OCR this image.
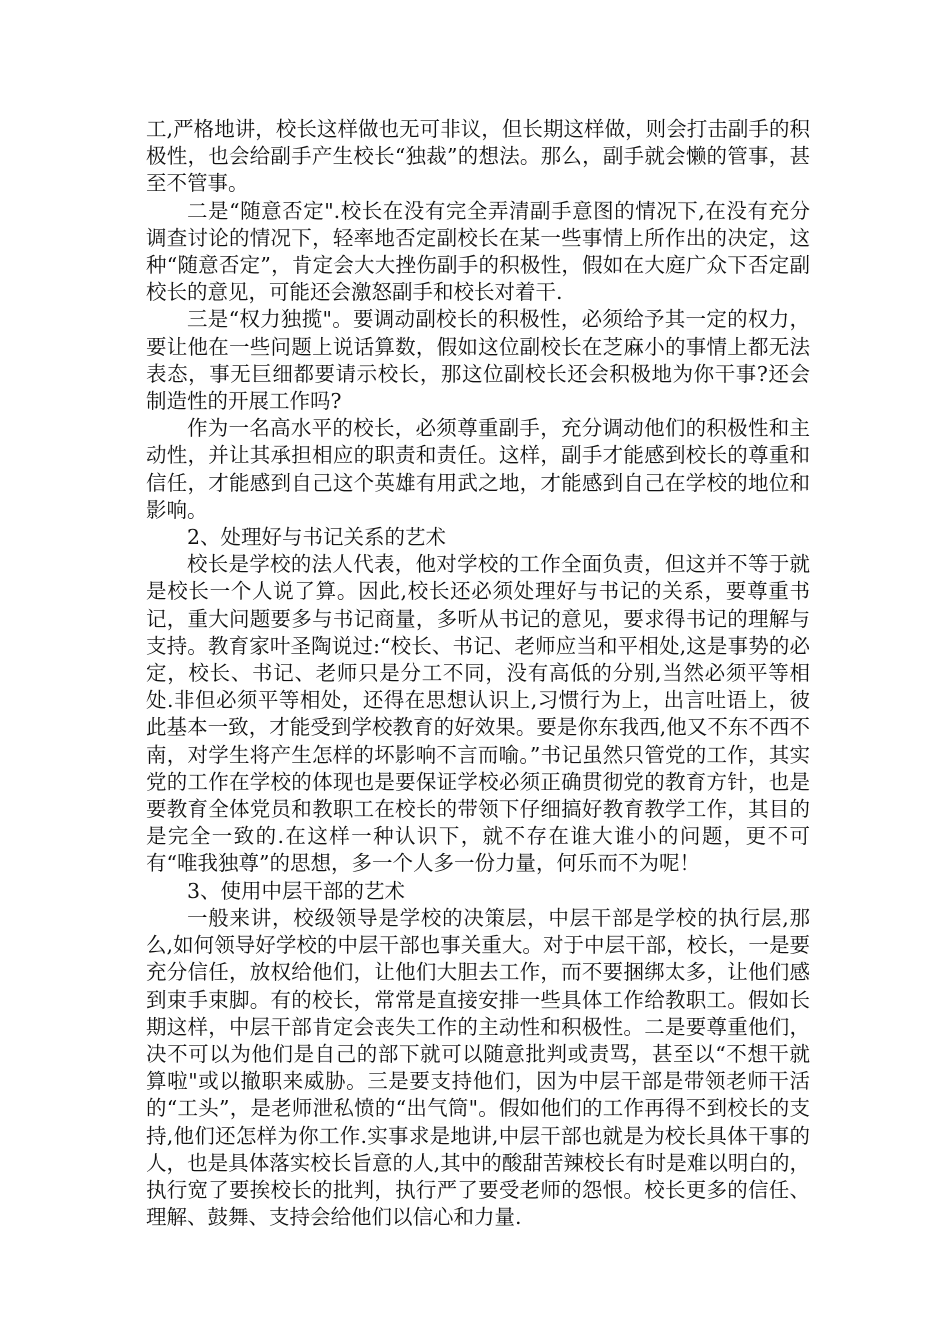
工,严格地讲，校长这样做也无可非议，但长期这样做，则会打击副手的积极性，也会给副手产生校长“独裁”的想法。那么，副手就会懒的管事，甚至不管事。

二是“随意否定".校长在没有完全弄清副手意图的情况下,在没有充分调查讨论的情况下，轻率地否定副校长在某一些事情上所作出的决定，这种“随意否定”，肯定会大大挫伤副手的积极性，假如在大庭广众下否定副校长的意见，可能还会激怒副手和校长对着干.

三是“权力独揽"。要调动副校长的积极性，必须给予其一定的权力，要让他在一些问题上说话算数，假如这位副校长在芝麻小的事情上都无法表态，事无巨细都要请示校长，那这位副校长还会积极地为你干事?还会制造性的开展工作吗?

作为一名高水平的校长，必须尊重副手，充分调动他们的积极性和主动性，并让其承担相应的职责和责任。这样，副手才能感到校长的尊重和信任，才能感到自己这个英雄有用武之地，才能感到自己在学校的地位和影响。

2、处理好与书记关系的艺术

校长是学校的法人代表，他对学校的工作全面负责，但这并不等于就是校长一个人说了算。因此,校长还必须处理好与书记的关系，要尊重书记，重大问题要多与书记商量，多听从书记的意见，要求得书记的理解与支持。教育家叶圣陶说过:“校长、书记、老师应当和平相处,这是事势的必定，校长、书记、老师只是分工不同，没有高低的分别,当然必须平等相处.非但必须平等相处，还得在思想认识上,习惯行为上，出言吐语上，彼此基本一致，才能受到学校教育的好效果。要是你东我西,他又不东不西不南，对学生将产生怎样的坏影响不言而喻。”书记虽然只管党的工作，其实党的工作在学校的体现也是要保证学校必须正确贯彻党的教育方针，也是要教育全体党员和教职工在校长的带领下仔细搞好教育教学工作，其目的是完全一致的.在这样一种认识下，就不存在谁大谁小的问题，更不可有“唯我独尊”的思想，多一个人多一份力量，何乐而不为呢！

3、使用中层干部的艺术

一般来讲，校级领导是学校的决策层，中层干部是学校的执行层,那么,如何领导好学校的中层干部也事关重大。对于中层干部，校长，一是要充分信任，放权给他们，让他们大胆去工作，而不要捆绑太多，让他们感到束手束脚。有的校长，常常是直接安排一些具体工作给教职工。假如长期这样，中层干部肯定会丧失工作的主动性和积极性。二是要尊重他们，决不可以为他们是自己的部下就可以随意批判或责骂，甚至以“不想干就算啦"或以撤职来威胁。三是要支持他们，因为中层干部是带领老师干活的“工头”，是老师泄私愤的“出气筒"。假如他们的工作再得不到校长的支持,他们还怎样为你工作.实事求是地讲,中层干部也就是为校长具体干事的人，也是具体落实校长旨意的人,其中的酸甜苦辣校长有时是难以明白的，执行宽了要挨校长的批判，执行严了要受老师的怨恨。校长更多的信任、理解、鼓舞、支持会给他们以信心和力量.
